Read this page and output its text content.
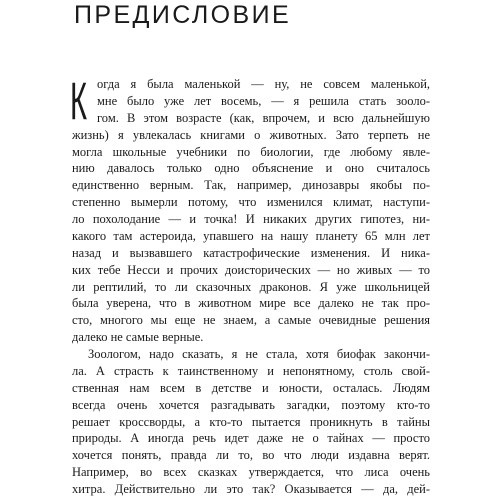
ПРЕДИСЛОВИЕ
К огда я была маленькой — ну, не совсем маленькой,
мне было уже лет восемь, — я решила стать зооло-
гом. В этом возрасте (как, впрочем, и всю дальнейшую
жизнь) я увлекалась книгами о животных. Зато терпеть не
могла школьные учебники по биологии, где любому явле-
нию давалось только одно объяснение и оно считалось
единственно верным. Так, например, динозавры якобы по-
степенно вымерли потому, что изменился климат, наступи-
ло похолодание — и точка! И никаких других гипотез, ни-
какого там астероида, упавшего на нашу планету 65 млн лет
назад и вызвавшего катастрофические изменения. И ника-
ких тебе Несси и прочих доисторических — но живых — то
ли рептилий, то ли сказочных драконов. Я уже школьницей
была уверена, что в животном мире все далеко не так про-
сто, многого мы еще не знаем, а самые очевидные решения
далеко не самые верные.
Зоологом, надо сказать, я не стала, хотя биофак закончи-
ла. А страсть к таинственному и непонятному, столь свой-
ственная нам всем в детстве и юности, осталась. Людям
всегда очень хочется разгадывать загадки, поэтому кто-то
решает кроссворды, а кто-то пытается проникнуть в тайны
природы. А иногда речь идет даже не о тайнах — просто
хочется понять, правда ли то, во что люди издавна верят.
Например, во всех сказках утверждается, что лиса очень
хитра. Действительно ли это так? Оказывается — да, дей-
